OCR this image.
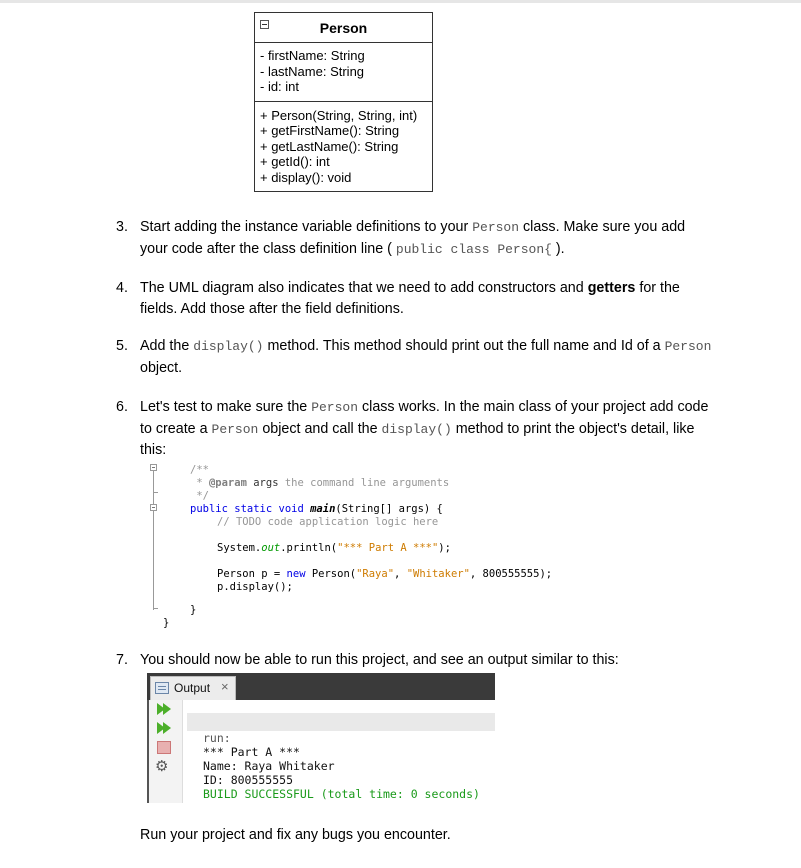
Person
- firstName: String
- lastName: String
- id: int
+ Person(String, String, int)
+ getFirstName(): String
+ getLastName(): String
+ getId(): int
+ display(): void
3. Start adding the instance variable definitions to your Person class. Make sure you add your code after the class definition line ( public class Person{ ).
4. The UML diagram also indicates that we need to add constructors and getters for the fields. Add those after the field definitions.
5. Add the display() method. This method should print out the full name and Id of a Person object.
6. Let's test to make sure the Person class works. In the main class of your project add code to create a Person object and call the display() method to print the object's detail, like this:
/**
* @param args the command line arguments
*/
public static void main(String[] args) {
// TODO code application logic here
System.out.println("*** Part A ***");
Person p = new Person("Raya", "Whitaker", 800555555);
p.display();
}
}
7. You should now be able to run this project, and see an output similar to this:
Output ×
⚙
run:
*** Part A ***
Name: Raya Whitaker
ID: 800555555
BUILD SUCCESSFUL (total time: 0 seconds)
Run your project and fix any bugs you encounter.
